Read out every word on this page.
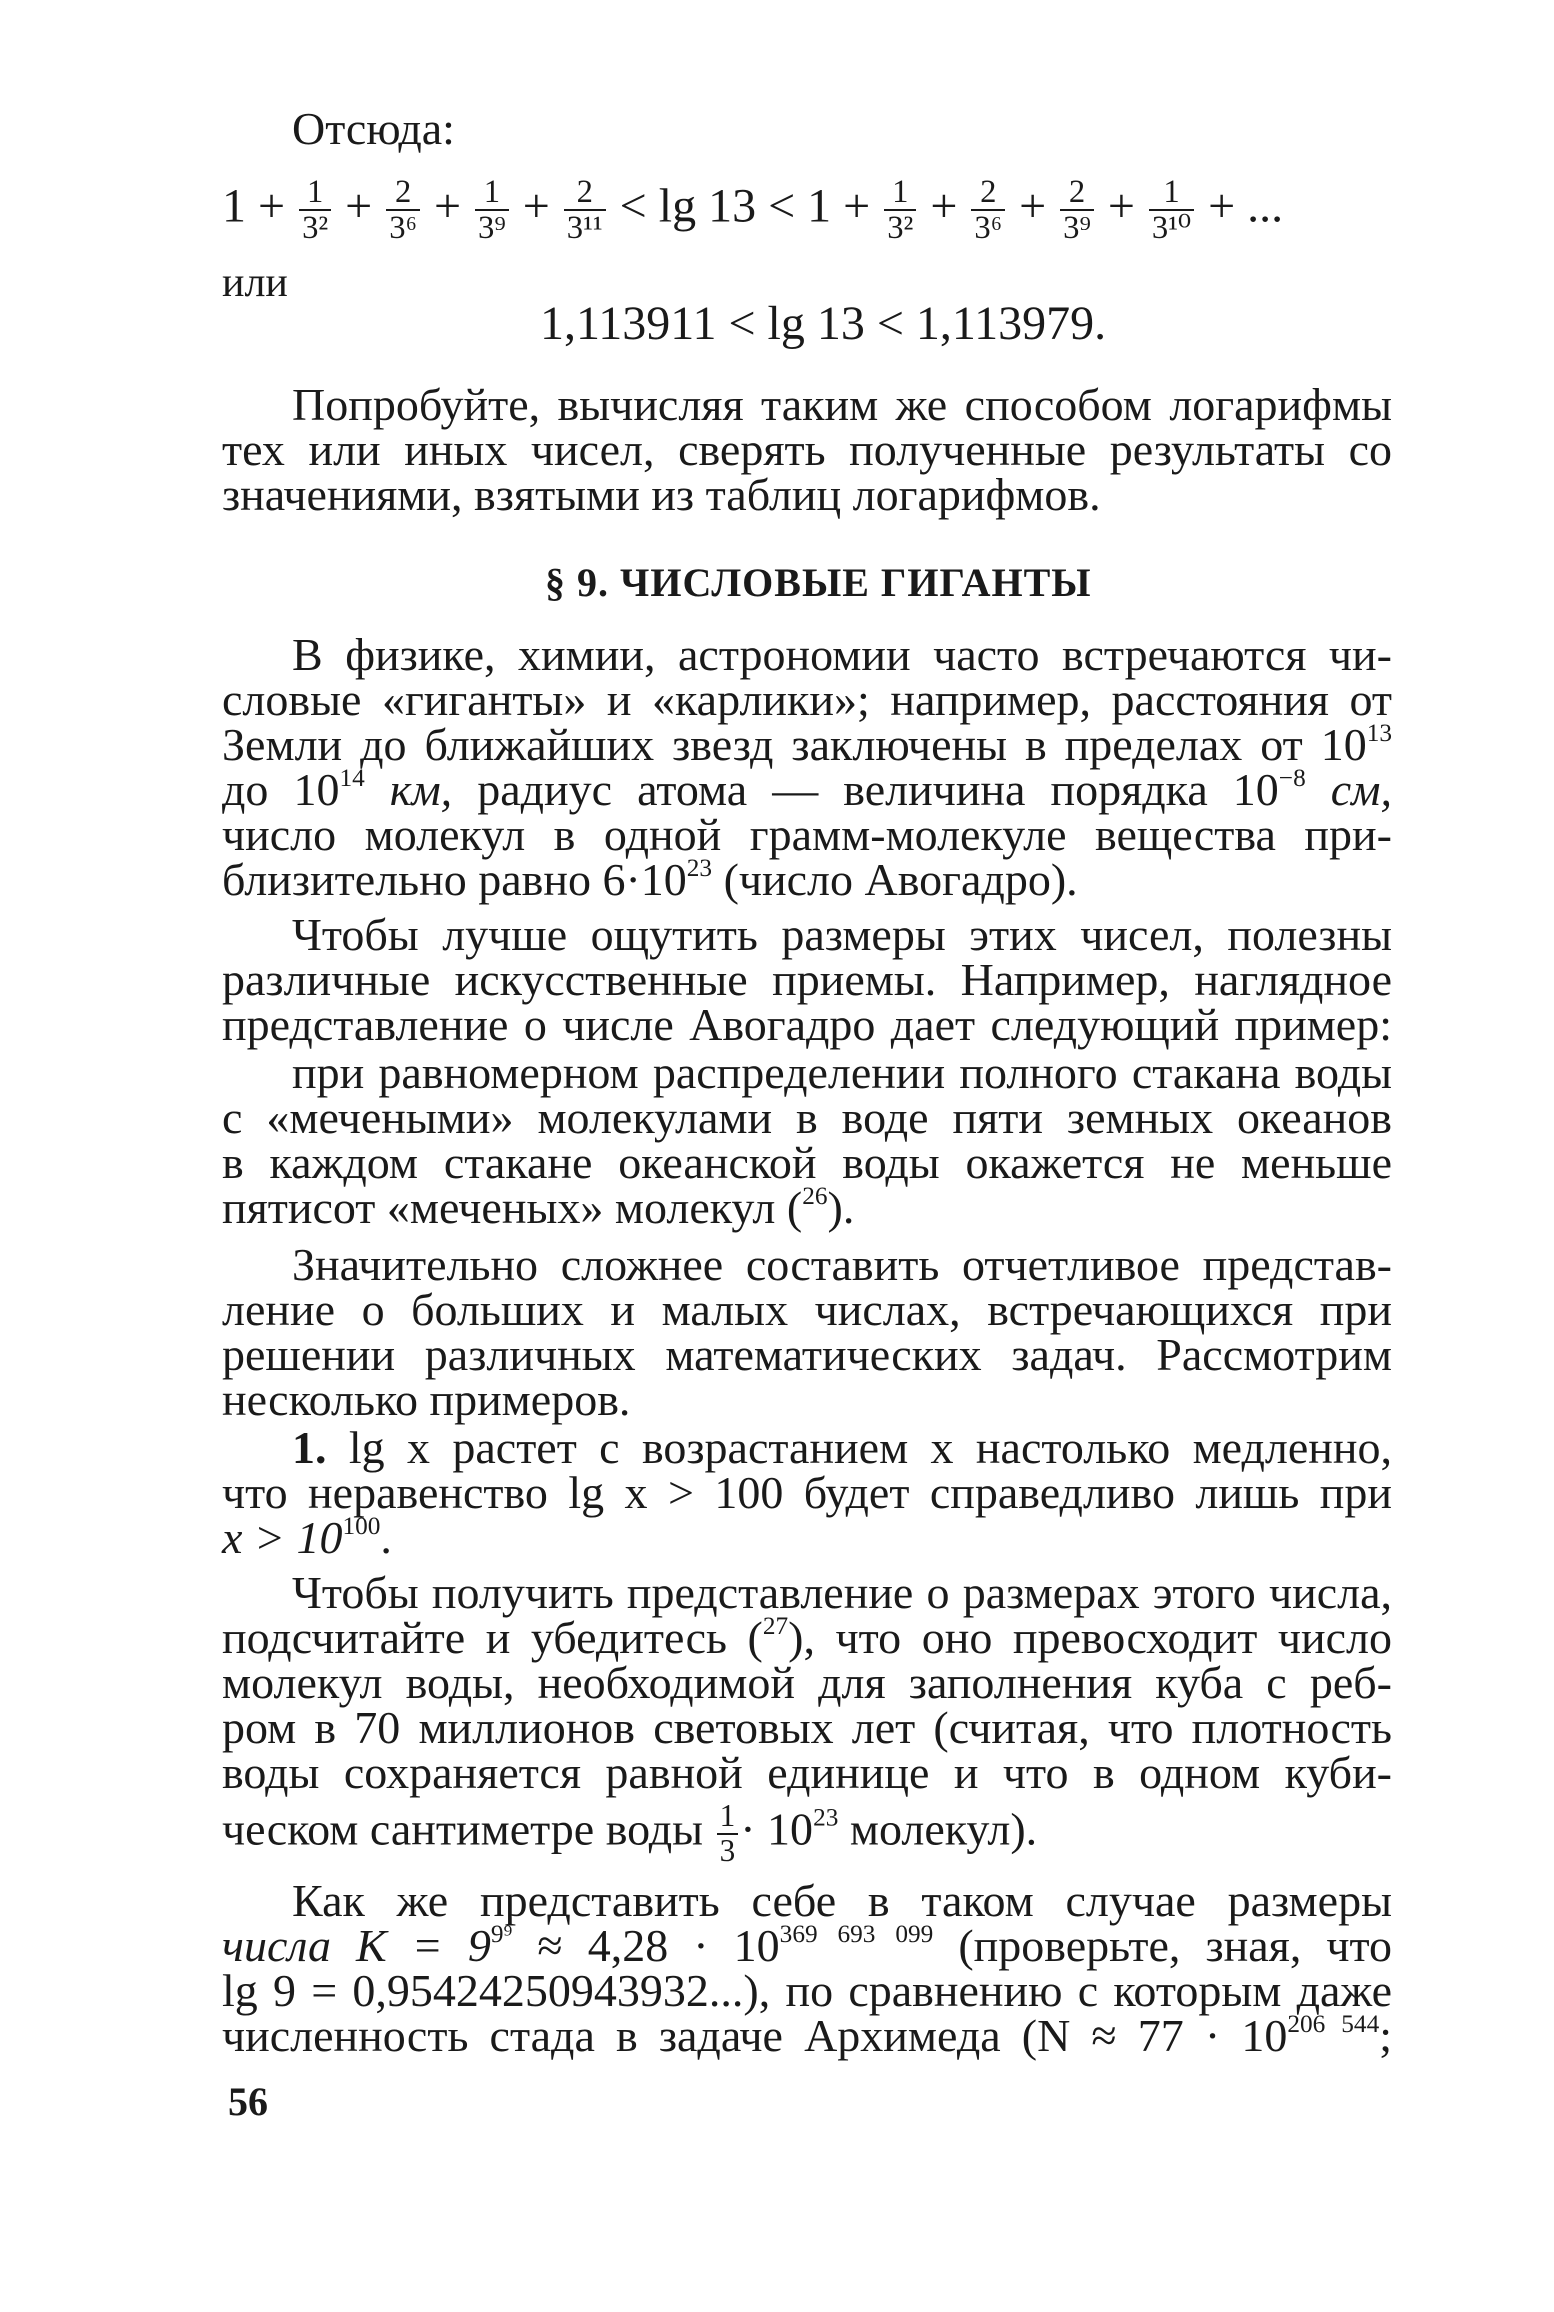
Отсюда:
$1 + \frac{1}{\text{3²}} + \frac{2}{\text{3⁶}} + \frac{1}{\text{3⁹}} + \frac{2}{\text{3¹¹}} < \lg 13 < 1 + \frac{1}{\text{3²}} + \frac{2}{\text{3⁶}} + \frac{2}{\text{3⁹}} + \frac{1}{\text{3¹⁰}}$ + ...
или
1,113911 < lg 13 < 1,113979.
Попробуйте, вычисляя таким же способом логарифмы
тех или иных чисел, сверять полученные результаты со
значениями, взятыми из таблиц логарифмов.
§ 9. ЧИСЛОВЫЕ ГИГАНТЫ
В физике, химии, астрономии часто встречаются чи-
словые «гиганты» и «карлики»; например, расстояния от
Земли до ближайших звезд заключены в пределах от $10^{13}$
до $10^{14}$ км, радиус атома — величина порядка $10^{-8}$ см,
число молекул в одной грамм-молекуле вещества при-
близительно равно $6\cdot 10^{23}$ (число Авогадро).
Чтобы лучше ощутить размеры этих чисел, полезны
различные искусственные приемы. Например, наглядное
представление о числе Авогадро дает следующий пример:
при равномерном распределении полного стакана воды
с «мечеными» молекулами в воде пяти земных океанов
в каждом стакане океанской воды окажется не меньше
пятисот «меченых» молекул ($^{26}$).
Значительно сложнее составить отчетливое представ-
ление о больших и малых числах, встречающихся при
решении различных математических задач. Рассмотрим
несколько примеров.
1. lg x растет с возрастанием x настолько медленно,
что неравенство lg x > 100 будет справедливо лишь при
$x > 10^{100}$.
Чтобы получить представление о размерах этого числа,
подсчитайте и убедитесь ($^{27}$), что оно превосходит число
молекул воды, необходимой для заполнения куба с реб-
ром в 70 миллионов световых лет (считая, что плотность
воды сохраняется равной единице и что в одном куби-
ческом сантиметре воды $\frac{1}{3} \cdot 10^{23}$ молекул).
Как же представить себе в таком случае размеры
числа $K = 9^{9^9} \approx 4,28 \cdot 10^{369 693 099}$ (проверьте, зная, что
lg 9 = 0,95424250943932...), по сравнению с которым даже
численность стада в задаче Архимеда ($N \approx 77 \cdot 10^{206 544}$;
56
